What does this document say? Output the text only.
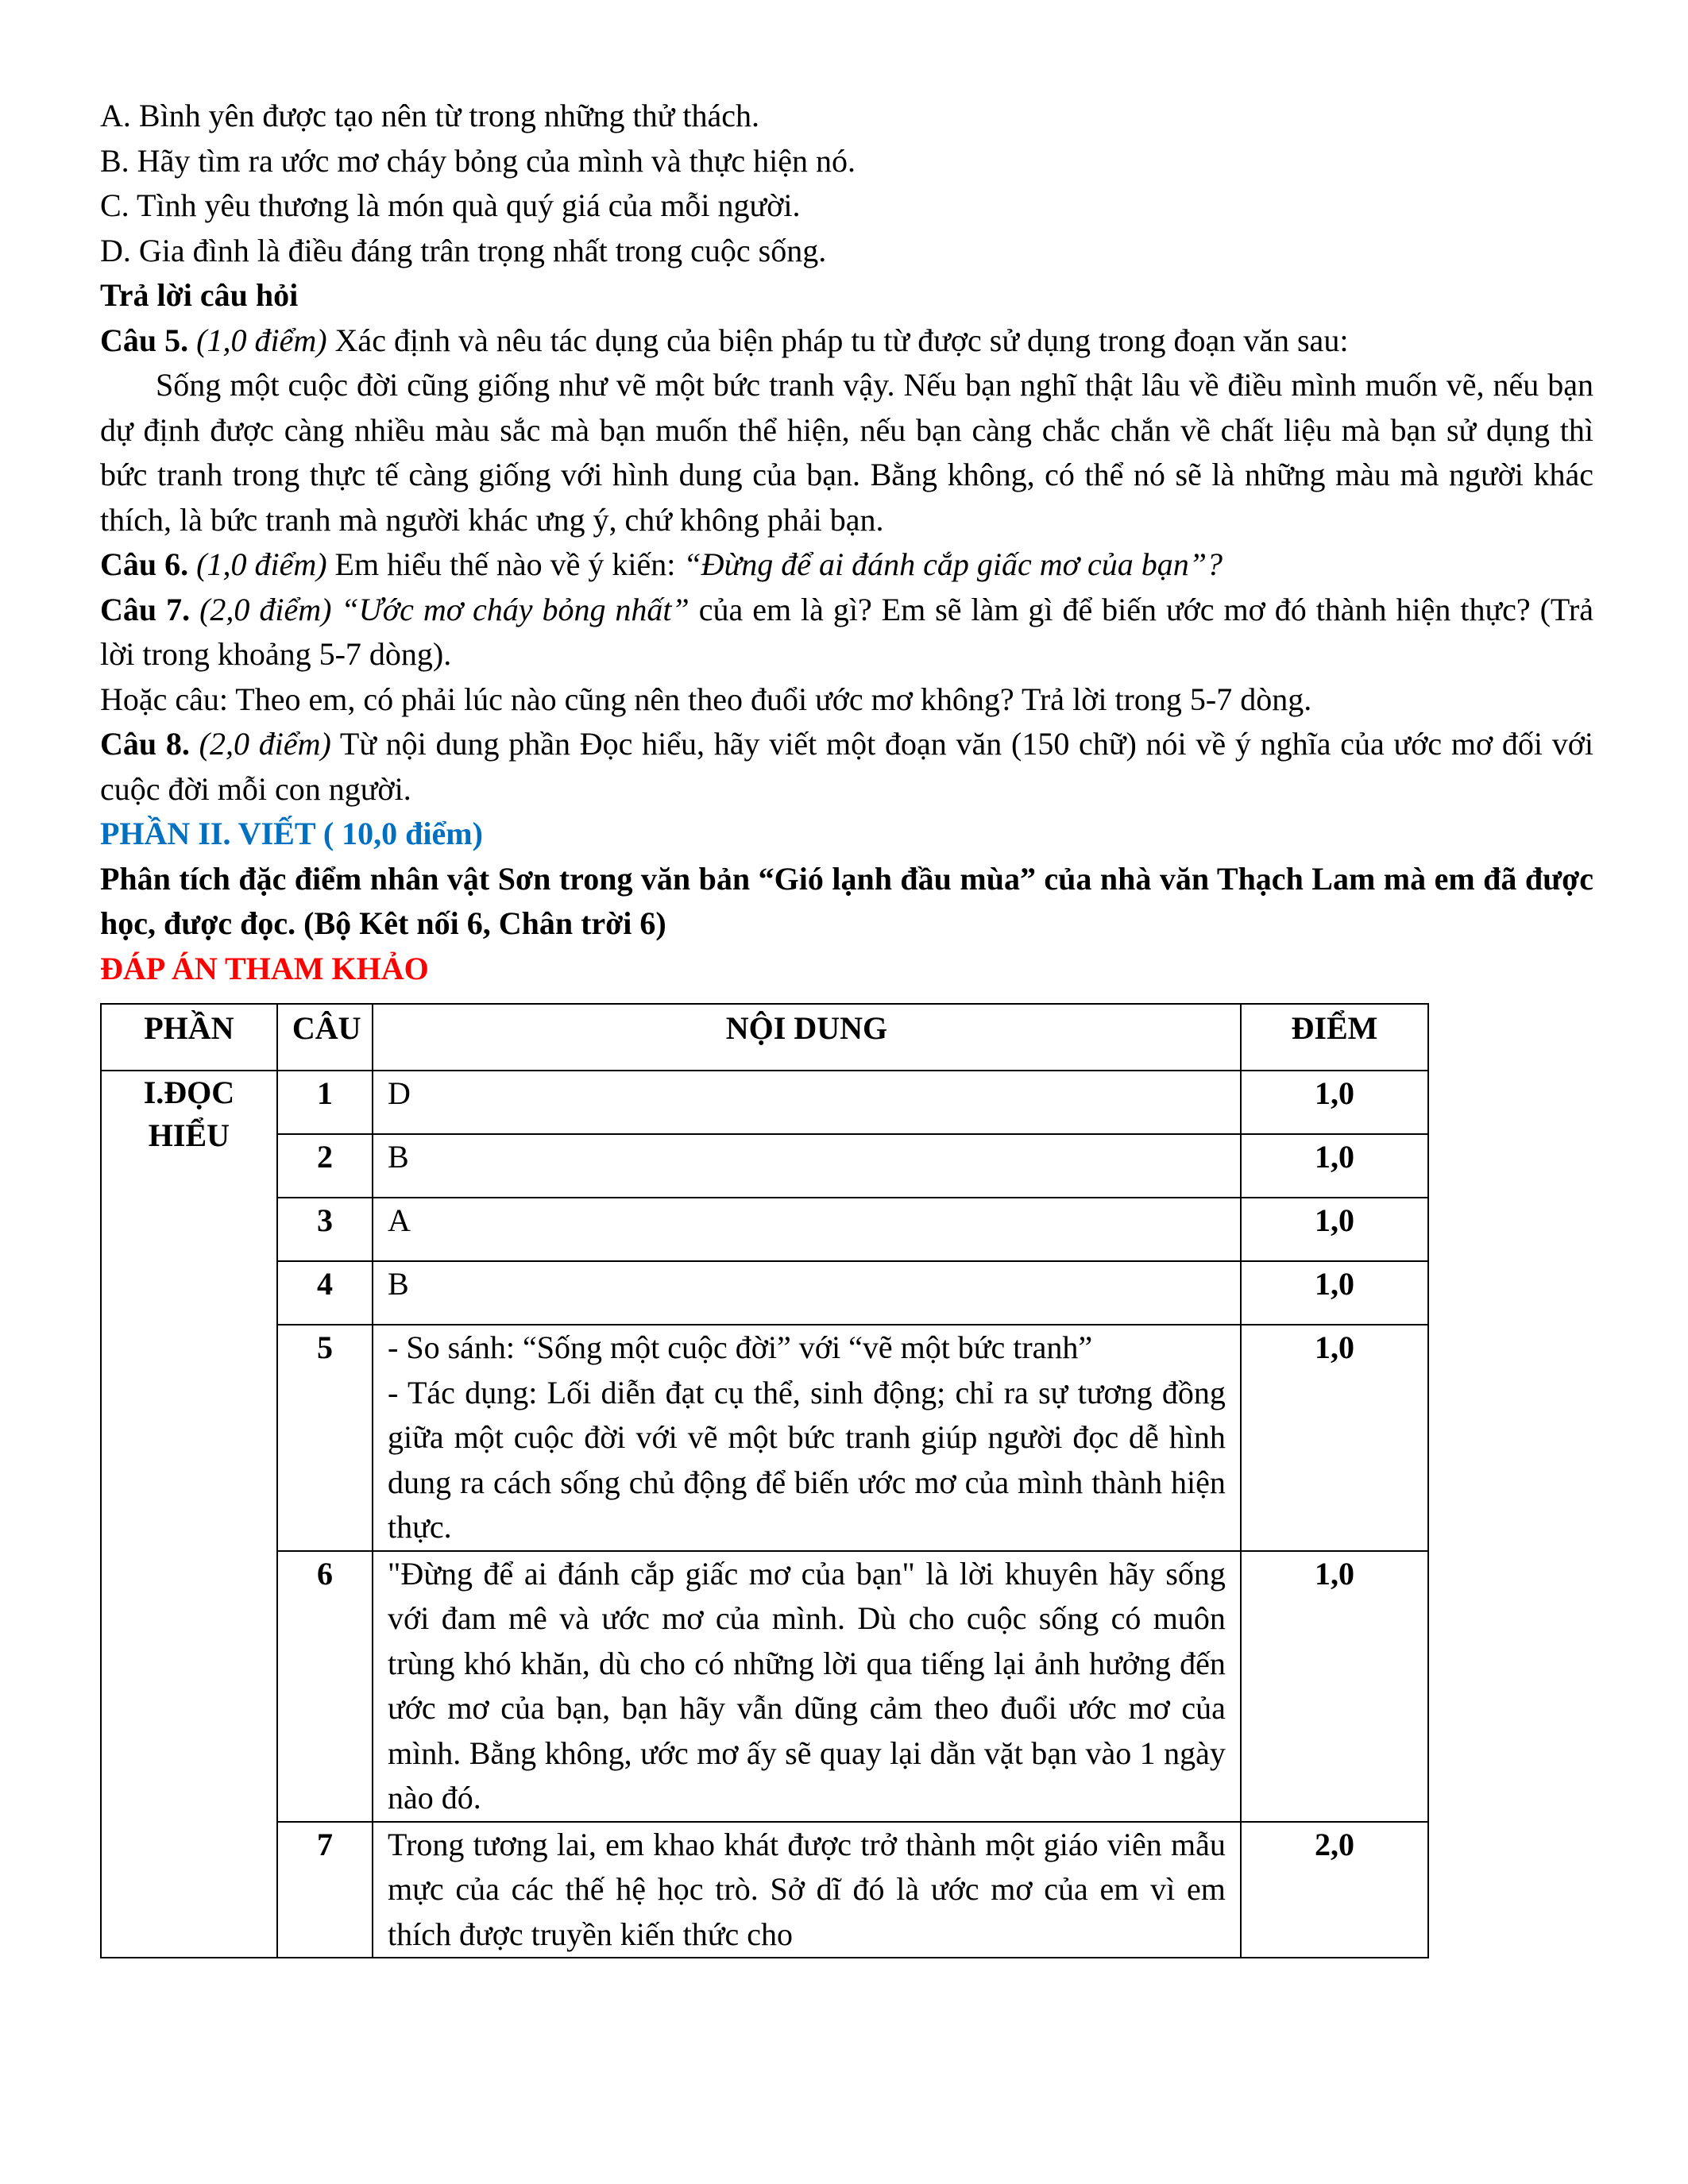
A. Bình yên được tạo nên từ trong những thử thách.

B. Hãy tìm ra ước mơ cháy bỏng của mình và thực hiện nó.

C. Tình yêu thương là món quà quý giá của mỗi người.

D. Gia đình là điều đáng trân trọng nhất trong cuộc sống.

Trả lời câu hỏi

Câu 5. (1,0 điểm) Xác định và nêu tác dụng của biện pháp tu từ được sử dụng trong đoạn văn sau:

Sống một cuộc đời cũng giống như vẽ một bức tranh vậy. Nếu bạn nghĩ thật lâu về điều mình muốn vẽ, nếu bạn dự định được càng nhiều màu sắc mà bạn muốn thể hiện, nếu bạn càng chắc chắn về chất liệu mà bạn sử dụng thì bức tranh trong thực tế càng giống với hình dung của bạn. Bằng không, có thể nó sẽ là những màu mà người khác thích, là bức tranh mà người khác ưng ý, chứ không phải bạn.

Câu 6. (1,0 điểm) Em hiểu thế nào về ý kiến: “Đừng để ai đánh cắp giấc mơ của bạn”?

Câu 7. (2,0 điểm) “Ước mơ cháy bỏng nhất” của em là gì? Em sẽ làm gì để biến ước mơ đó thành hiện thực? (Trả lời trong khoảng 5-7 dòng).

Hoặc câu: Theo em, có phải lúc nào cũng nên theo đuổi ước mơ không? Trả lời trong 5-7 dòng.

Câu 8. (2,0 điểm) Từ nội dung phần Đọc hiểu, hãy viết một đoạn văn (150 chữ) nói về ý nghĩa của ước mơ đối với cuộc đời mỗi con người.

PHẦN II. VIẾT ( 10,0 điểm)

Phân tích đặc điểm nhân vật Sơn trong văn bản “Gió lạnh đầu mùa” của nhà văn Thạch Lam mà em đã được học, được đọc. (Bộ Kêt nối 6, Chân trời 6)

ĐÁP ÁN THAM KHẢO

PHẦN	CÂU	NỘI DUNG	ĐIỂM
I.ĐỌC HIỂU	1	D	1,0
	2	B	1,0
	3	A	1,0
	4	B	1,0
	5	- So sánh: “Sống một cuộc đời” với “vẽ một bức tranh”
- Tác dụng: Lối diễn đạt cụ thể, sinh động; chỉ ra sự tương đồng giữa một cuộc đời với vẽ một bức tranh giúp người đọc dễ hình dung ra cách sống chủ động để biến ước mơ của mình thành hiện thực.	1,0
	6	"Đừng để ai đánh cắp giấc mơ của bạn" là lời khuyên hãy sống với đam mê và ước mơ của mình. Dù cho cuộc sống có muôn trùng khó khăn, dù cho có những lời qua tiếng lại ảnh hưởng đến ước mơ của bạn, bạn hãy vẫn dũng cảm theo đuổi ước mơ của mình. Bằng không, ước mơ ấy sẽ quay lại dằn vặt bạn vào 1 ngày nào đó.	1,0
	7	Trong tương lai, em khao khát được trở thành một giáo viên mẫu mực của các thế hệ học trò. Sở dĩ đó là ước mơ của em vì em thích được truyền kiến thức cho	2,0
